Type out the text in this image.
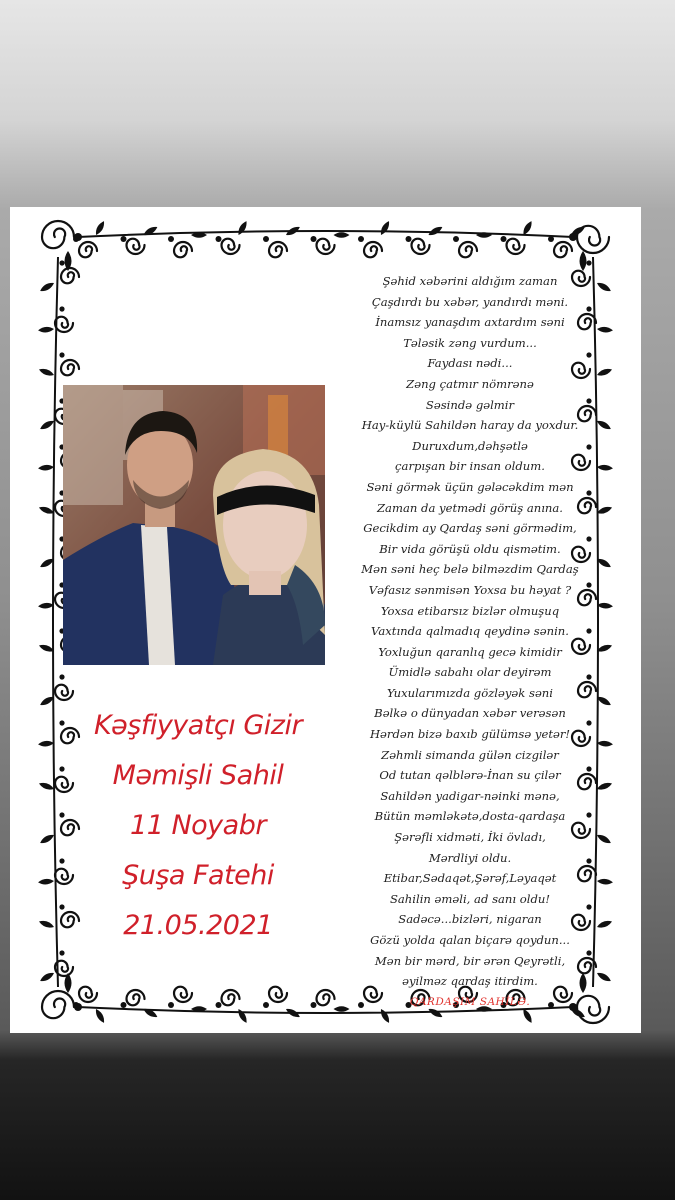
Kəşfiyyatçı Gizir
Məmişli Sahil
11 Noyabr
Şuşa Fatehi
21.05.2021
Şəhid xəbərini aldığım zaman
Çaşdırdı bu xəbər, yandırdı məni.
İnamsız yanaşdım axtardım səni
Tələsik zəng vurdum...
Faydası nədi...
Zəng çatmır nömrənə
Səsində gəlmir
Hay-küylü Sahildən haray da yoxdur.
Duruxdum,dəhşətlə
çarpışan bir insan oldum.
Səni görmək üçün gələcəkdim mən
Zaman da yetmədi görüş anına.
Gecikdim ay Qardaş səni görmədim,
Bir vida görüşü oldu qismətim.
Mən səni heç belə bilməzdim Qardaş
Vəfasız sənmisən Yoxsa bu həyat ?
Yoxsa etibarsız bizlər olmuşuq
Vaxtında qalmadıq qeydinə sənin.
Yoxluğun qaranlıq gecə kimidir
Ümidlə sabahı olar deyirəm
Yuxularımızda gözləyək səni
Bəlkə o dünyadan xəbər verəsən
Hərdən bizə baxıb gülümsə yetər!
Zəhmli simanda gülən cizgilər
Od tutan qəlblərə-İnan su çilər
Sahildən yadigar-nəinki mənə,
Bütün məmləkətə,dosta-qardaşa
Şərəfli xidməti, İki övladı,
Mərdliyi oldu.
Etibar,Sədaqət,Şərəf,Ləyaqət
Sahilin əməli, ad sanı oldu!
Sadəcə...bizləri, nigaran
Gözü yolda qalan biçarə qoydun...
Mən bir mərd, bir ərən Qeyrətli,
əyilməz qardaş itirdim.
QARDAŞIM SAHİLƏ.
